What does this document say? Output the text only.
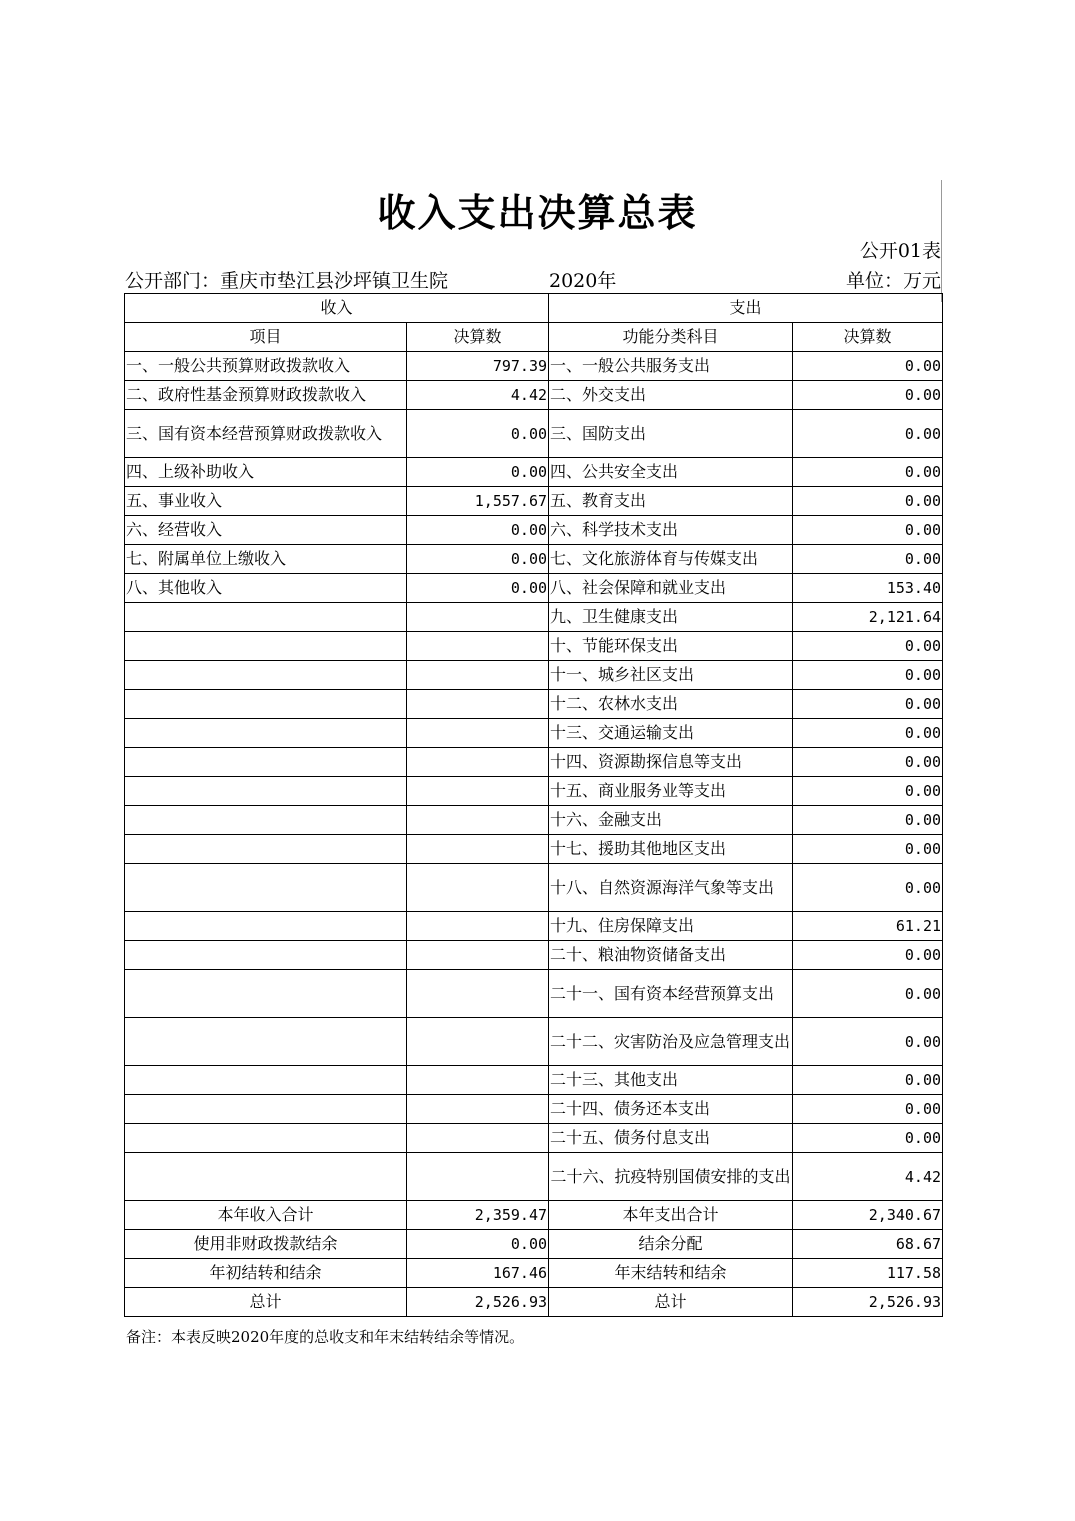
收入支出决算总表
公开01表
公开部门：重庆市垫江县沙坪镇卫生院	2020年	单位：万元
收入		支出	
项目	决算数	功能分类科目	决算数
一、一般公共预算财政拨款收入	797.39	一、一般公共服务支出	0.00
二、政府性基金预算财政拨款收入	4.42	二、外交支出	0.00
三、国有资本经营预算财政拨款收入	0.00	三、国防支出	0.00
四、上级补助收入	0.00	四、公共安全支出	0.00
五、事业收入	1,557.67	五、教育支出	0.00
六、经营收入	0.00	六、科学技术支出	0.00
七、附属单位上缴收入	0.00	七、文化旅游体育与传媒支出	0.00
八、其他收入	0.00	八、社会保障和就业支出	153.40
		九、卫生健康支出	2,121.64
		十、节能环保支出	0.00
		十一、城乡社区支出	0.00
		十二、农林水支出	0.00
		十三、交通运输支出	0.00
		十四、资源勘探信息等支出	0.00
		十五、商业服务业等支出	0.00
		十六、金融支出	0.00
		十七、援助其他地区支出	0.00
		十八、自然资源海洋气象等支出	0.00
		十九、住房保障支出	61.21
		二十、粮油物资储备支出	0.00
		二十一、国有资本经营预算支出	0.00
		二十二、灾害防治及应急管理支出	0.00
		二十三、其他支出	0.00
		二十四、债务还本支出	0.00
		二十五、债务付息支出	0.00
		二十六、抗疫特别国债安排的支出	4.42
本年收入合计	2,359.47	本年支出合计	2,340.67
使用非财政拨款结余	0.00	结余分配	68.67
年初结转和结余	167.46	年末结转和结余	117.58
总计	2,526.93	总计	2,526.93
备注：本表反映2020年度的总收支和年末结转结余等情况。
